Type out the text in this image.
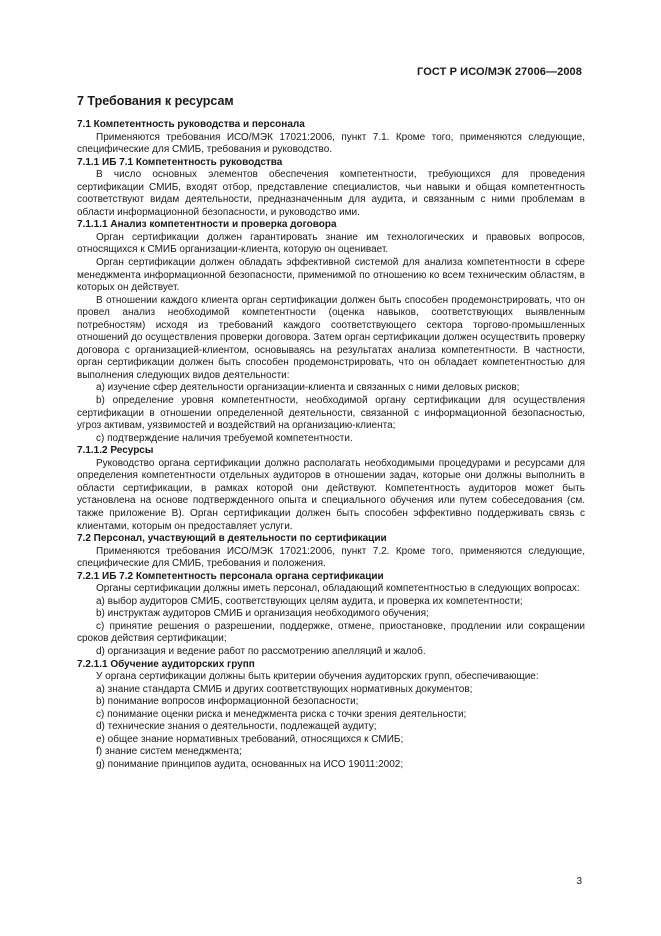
ГОСТ Р ИСО/МЭК 27006—2008
7 Требования к ресурсам
7.1 Компетентность руководства и персонала
Применяются требования ИСО/МЭК 17021:2006, пункт 7.1. Кроме того, применяются следующие, специфические для СМИБ, требования и руководство.
7.1.1 ИБ 7.1 Компетентность руководства
В число основных элементов обеспечения компетентности, требующихся для проведения сертификации СМИБ, входят отбор, представление специалистов, чьи навыки и общая компетентность соответствуют видам деятельности, предназначенным для аудита, и связанным с ними проблемам в области информационной безопасности, и руководство ими.
7.1.1.1 Анализ компетентности и проверка договора
Орган сертификации должен гарантировать знание им технологических и правовых вопросов, относящихся к СМИБ организации-клиента, которую он оценивает.
Орган сертификации должен обладать эффективной системой для анализа компетентности в сфере менеджмента информационной безопасности, применимой по отношению ко всем техническим областям, в которых он действует.
В отношении каждого клиента орган сертификации должен быть способен продемонстрировать, что он провел анализ необходимой компетентности (оценка навыков, соответствующих выявленным потребностям) исходя из требований каждого соответствующего сектора торгово-промышленных отношений до осуществления проверки договора. Затем орган сертификации должен осуществить проверку договора с организацией-клиентом, основываясь на результатах анализа компетентности. В частности, орган сертификации должен быть способен продемонстрировать, что он обладает компетентностью для выполнения следующих видов деятельности:
a) изучение сфер деятельности организации-клиента и связанных с ними деловых рисков;
b) определение уровня компетентности, необходимой органу сертификации для осуществления сертификации в отношении определенной деятельности, связанной с информационной безопасностью, угроз активам, уязвимостей и воздействий на организацию-клиента;
c) подтверждение наличия требуемой компетентности.
7.1.1.2 Ресурсы
Руководство органа сертификации должно располагать необходимыми процедурами и ресурсами для определения компетентности отдельных аудиторов в отношении задач, которые они должны выполнить в области сертификации, в рамках которой они действуют. Компетентность аудиторов может быть установлена на основе подтвержденного опыта и специального обучения или путем собеседования (см. также приложение В). Орган сертификации должен быть способен эффективно поддерживать связь с клиентами, которым он предоставляет услуги.
7.2 Персонал, участвующий в деятельности по сертификации
Применяются требования ИСО/МЭК 17021:2006, пункт 7.2. Кроме того, применяются следующие, специфические для СМИБ, требования и положения.
7.2.1 ИБ 7.2 Компетентность персонала органа сертификации
Органы сертификации должны иметь персонал, обладающий компетентностью в следующих вопросах:
a) выбор аудиторов СМИБ, соответствующих целям аудита, и проверка их компетентности;
b) инструктаж аудиторов СМИБ и организация необходимого обучения;
c) принятие решения о разрешении, поддержке, отмене, приостановке, продлении или сокращении сроков действия сертификации;
d) организация и ведение работ по рассмотрению апелляций и жалоб.
7.2.1.1 Обучение аудиторских групп
У органа сертификации должны быть критерии обучения аудиторских групп, обеспечивающие:
a) знание стандарта СМИБ и других соответствующих нормативных документов;
b) понимание вопросов информационной безопасности;
c) понимание оценки риска и менеджмента риска с точки зрения деятельности;
d) технические знания о деятельности, подлежащей аудиту;
e) общее знание нормативных требований, относящихся к СМИБ;
f) знание систем менеджмента;
g) понимание принципов аудита, основанных на ИСО 19011:2002;
3
